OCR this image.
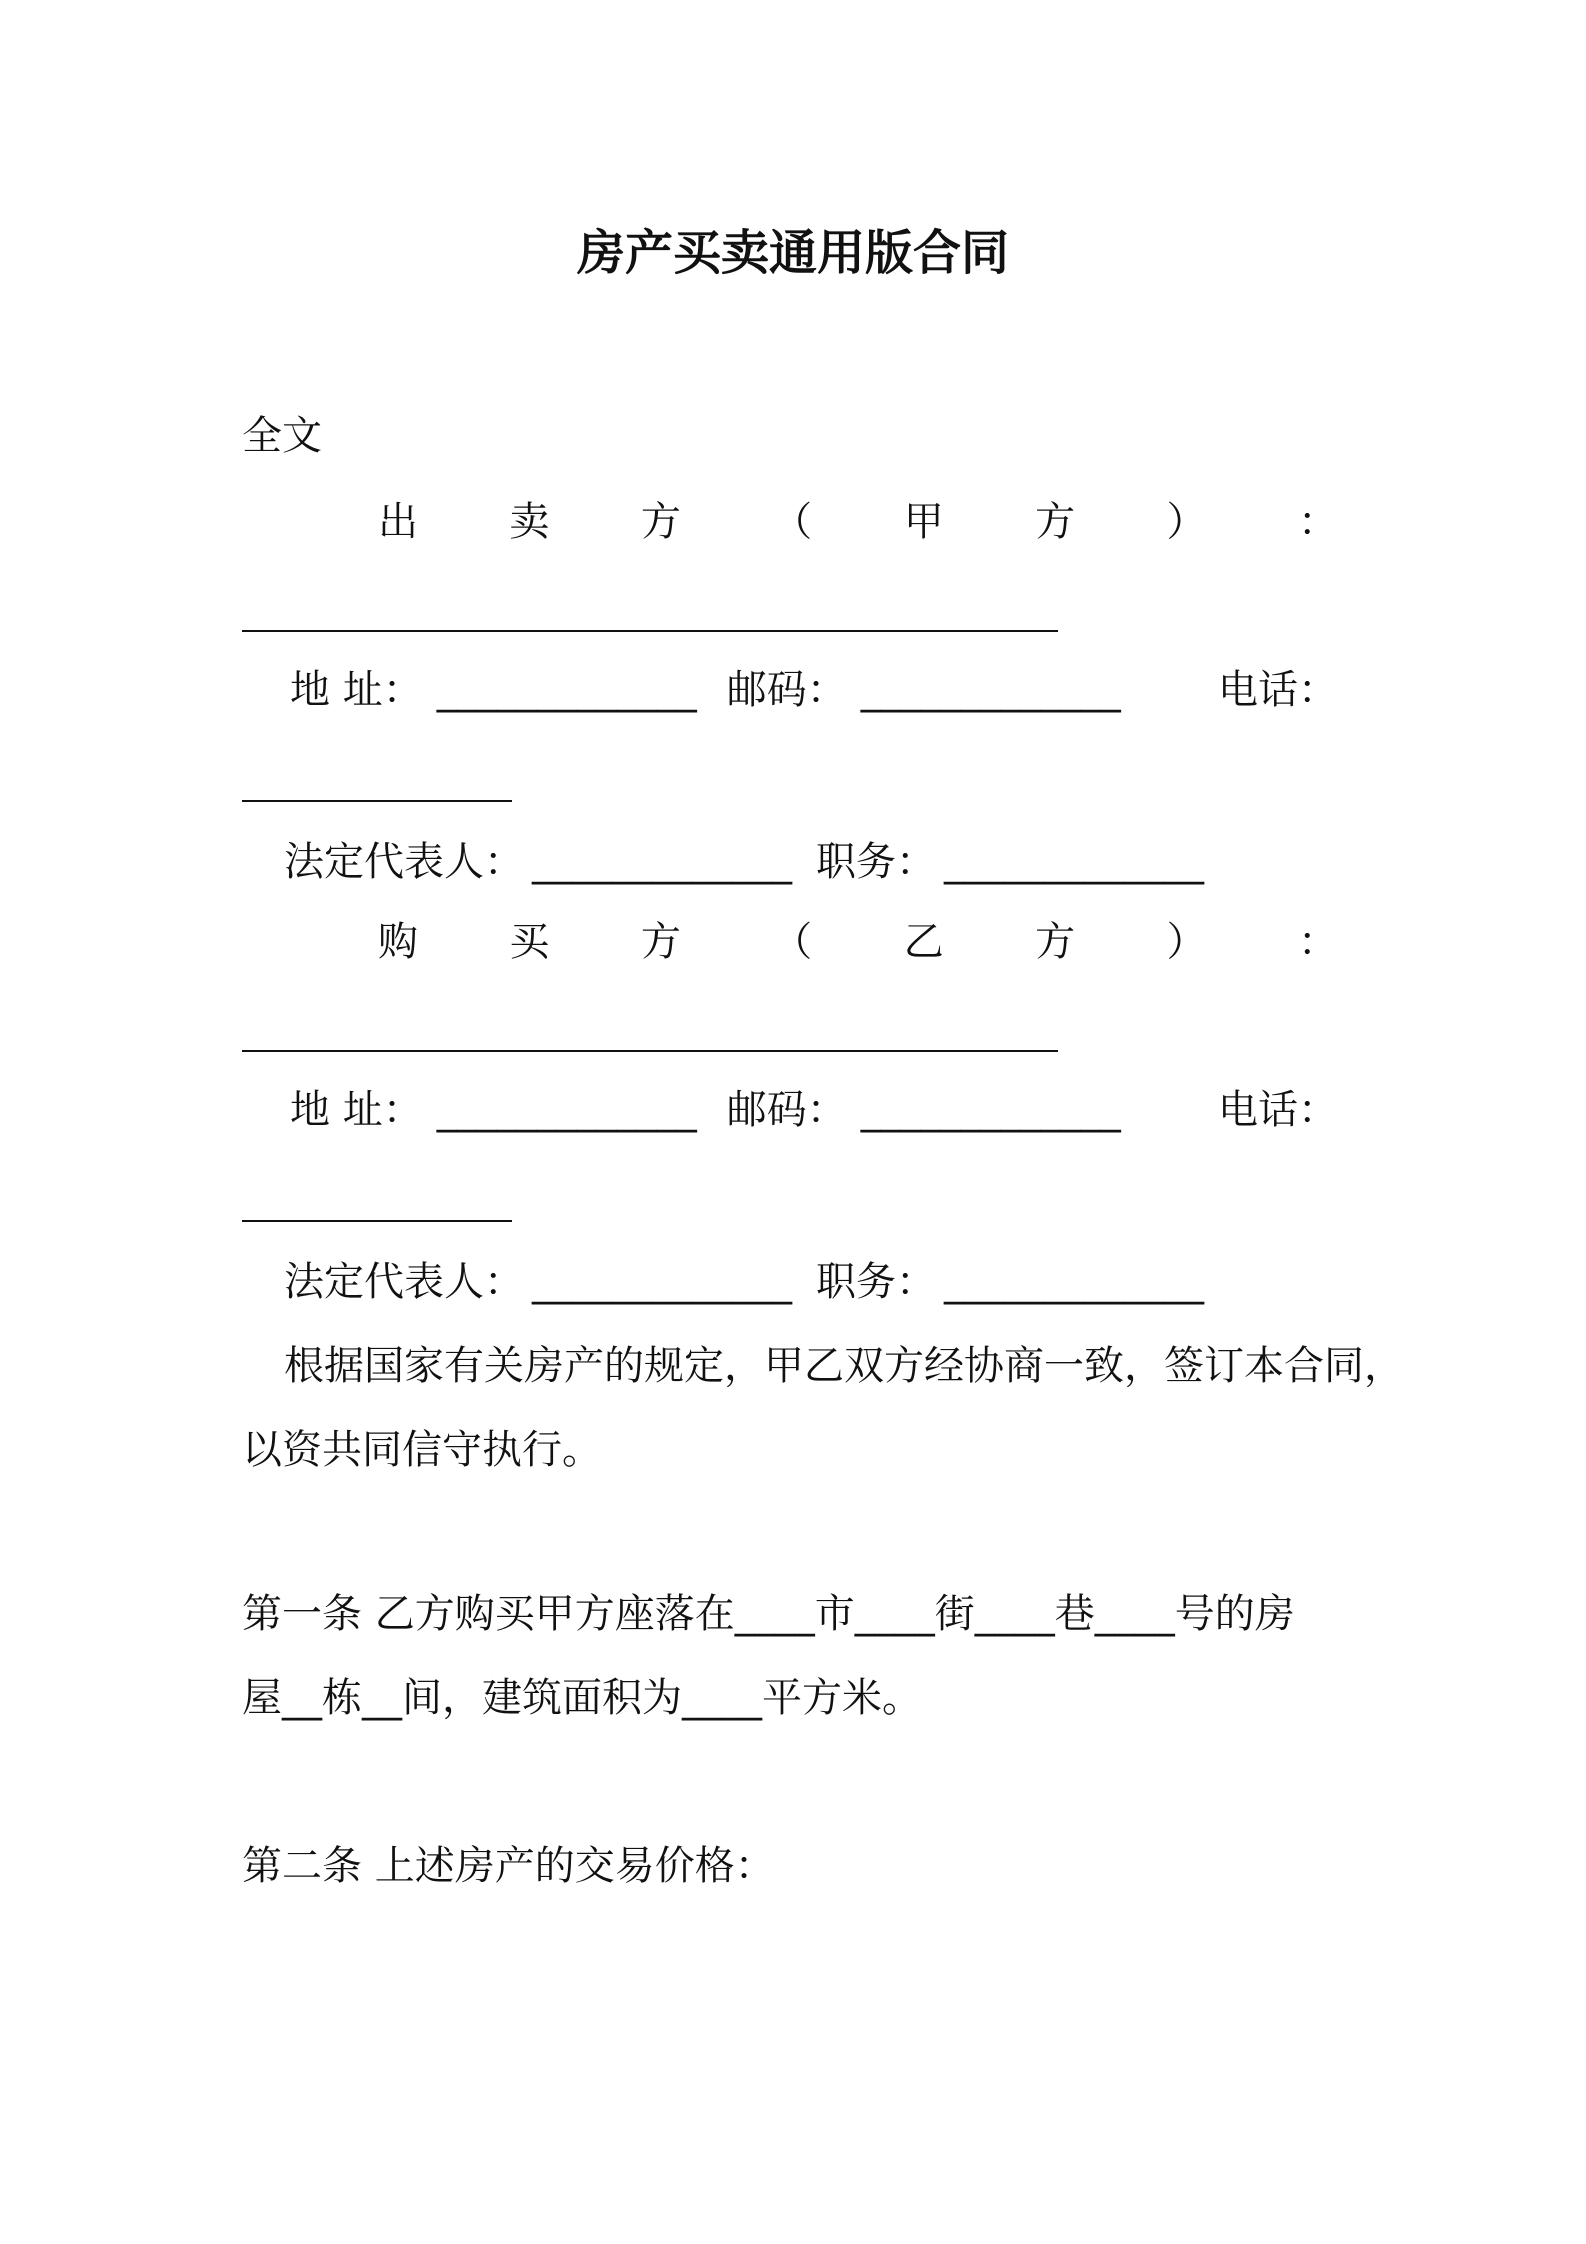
房产买卖通用版合同
全文
出 卖 方 （ 甲 方 ） ：
地 址： _____________ 邮码： _____________ 电话：
法定代表人： _____________ 职务： _____________
购 买 方 （ 乙 方 ） ：
地 址： _____________ 邮码： _____________ 电话：
法定代表人： _____________ 职务： _____________
根据国家有关房产的规定，甲乙双方经协商一致，签订本合同，
以资共同信守执行。
第一条 乙方购买甲方座落在____市____街____巷____号的房
屋__栋__间，建筑面积为____平方米。
第二条 上述房产的交易价格：
